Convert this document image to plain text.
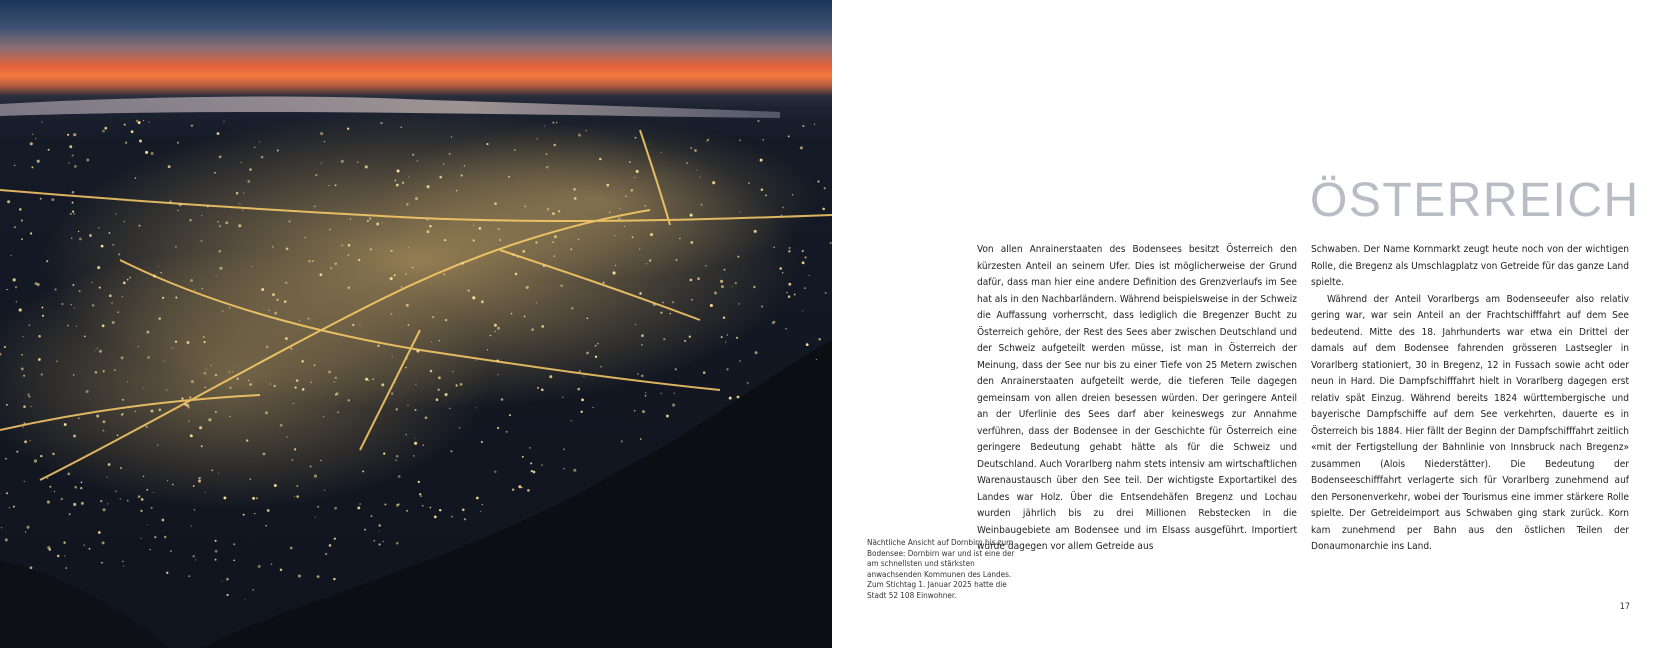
Nächtliche Ansicht auf Dornbirn bis zum Bodensee: Dornbirn war und ist eine der am schnellsten und stärksten anwachsenden Kommunen des Landes. Zum Stichtag 1. Januar 2025 hatte die Stadt 52 108 Einwohner.

ÖSTERREICH

Von allen Anrainerstaaten des Bodensees besitzt Österreich den kürzesten Anteil an seinem Ufer. Dies ist möglicherweise der Grund dafür, dass man hier eine andere Definition des Grenzverlaufs im See hat als in den Nachbarländern. Während beispielsweise in der Schweiz die Auffassung vorherrscht, dass lediglich die Bregenzer Bucht zu Österreich gehöre, der Rest des Sees aber zwischen Deutschland und der Schweiz aufgeteilt werden müsse, ist man in Österreich der Meinung, dass der See nur bis zu einer Tiefe von 25 Metern zwischen den Anrainerstaaten aufgeteilt werde, die tieferen Teile dagegen gemeinsam von allen dreien besessen würden. Der geringere Anteil an der Uferlinie des Sees darf aber keineswegs zur Annahme verführen, dass der Bodensee in der Geschichte für Österreich eine geringere Bedeutung gehabt hätte als für die Schweiz und Deutschland. Auch Vorarlberg nahm stets intensiv am wirtschaftlichen Warenaustausch über den See teil. Der wichtigste Exportartikel des Landes war Holz. Über die Entsendehäfen Bregenz und Lochau wurden jährlich bis zu drei Millionen Rebstecken in die Weinbaugebiete am Bodensee und im Elsass ausgeführt. Importiert wurde dagegen vor allem Getreide aus

Schwaben. Der Name Kornmarkt zeugt heute noch von der wichtigen Rolle, die Bregenz als Umschlagplatz von Getreide für das ganze Land spielte.

Während der Anteil Vorarlbergs am Bodenseeufer also relativ gering war, war sein Anteil an der Frachtschifffahrt auf dem See bedeutend. Mitte des 18. Jahrhunderts war etwa ein Drittel der damals auf dem Bodensee fahrenden grösseren Lastsegler in Vorarlberg stationiert, 30 in Bregenz, 12 in Fussach sowie acht oder neun in Hard. Die Dampfschifffahrt hielt in Vorarlberg dagegen erst relativ spät Einzug. Während bereits 1824 württembergische und bayerische Dampfschiffe auf dem See verkehrten, dauerte es in Österreich bis 1884. Hier fällt der Beginn der Dampfschifffahrt zeitlich «mit der Fertigstellung der Bahnlinie von Innsbruck nach Bregenz» zusammen (Alois Niederstätter). Die Bedeutung der Bodenseeschifffahrt verlagerte sich für Vorarlberg zunehmend auf den Personenverkehr, wobei der Tourismus eine immer stärkere Rolle spielte. Der Getreideimport aus Schwaben ging stark zurück. Korn kam zunehmend per Bahn aus den östlichen Teilen der Donaumonarchie ins Land.

17
